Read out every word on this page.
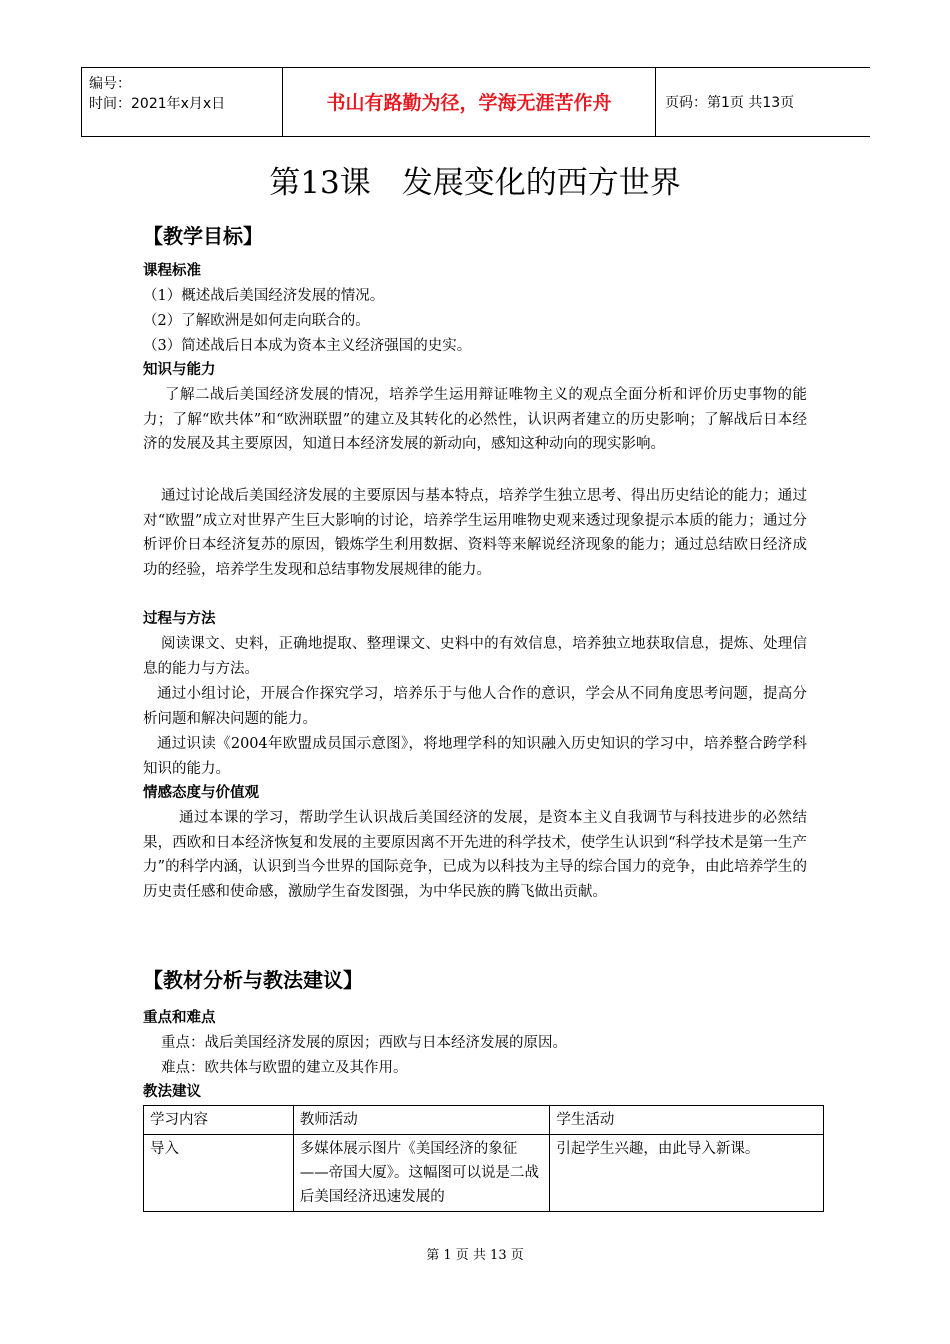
编号：
时间：2021年x月x日	书山有路勤为径，学海无涯苦作舟	页码：第1页 共13页
第13课　发展变化的西方世界
【教学目标】
课程标准
（1）概述战后美国经济发展的情况。
（2）了解欧洲是如何走向联合的。
（3）简述战后日本成为资本主义经济强国的史实。
知识与能力

了解二战后美国经济发展的情况，培养学生运用辩证唯物主义的观点全面分析和评价历史事物的能力；了解“欧共体”和“欧洲联盟”的建立及其转化的必然性，认识两者建立的历史影响；了解战后日本经济的发展及其主要原因，知道日本经济发展的新动向，感知这种动向的现实影响。

通过讨论战后美国经济发展的主要原因与基本特点，培养学生独立思考、得出历史结论的能力；通过对“欧盟”成立对世界产生巨大影响的讨论，培养学生运用唯物史观来透过现象提示本质的能力；通过分析评价日本经济复苏的原因，锻炼学生利用数据、资料等来解说经济现象的能力；通过总结欧日经济成功的经验，培养学生发现和总结事物发展规律的能力。

过程与方法

阅读课文、史料，正确地提取、整理课文、史料中的有效信息，培养独立地获取信息，提炼、处理信息的能力与方法。

通过小组讨论，开展合作探究学习，培养乐于与他人合作的意识，学会从不同角度思考问题，提高分析问题和解决问题的能力。

通过识读《2004年欧盟成员国示意图》，将地理学科的知识融入历史知识的学习中，培养整合跨学科知识的能力。

情感态度与价值观

通过本课的学习，帮助学生认识战后美国经济的发展，是资本主义自我调节与科技进步的必然结果，西欧和日本经济恢复和发展的主要原因离不开先进的科学技术，使学生认识到“科学技术是第一生产力”的科学内涵，认识到当今世界的国际竞争，已成为以科技为主导的综合国力的竞争，由此培养学生的历史责任感和使命感，激励学生奋发图强，为中华民族的腾飞做出贡献。

【教材分析与教法建议】
重点和难点
重点：战后美国经济发展的原因；西欧与日本经济发展的原因。
难点：欧共体与欧盟的建立及其作用。
教法建议
学习内容	教师活动	学生活动
导入	多媒体展示图片《美国经济的象征——帝国大厦》。这幅图可以说是二战后美国经济迅速发展的	引起学生兴趣，由此导入新课。
第 1 页 共 13 页
